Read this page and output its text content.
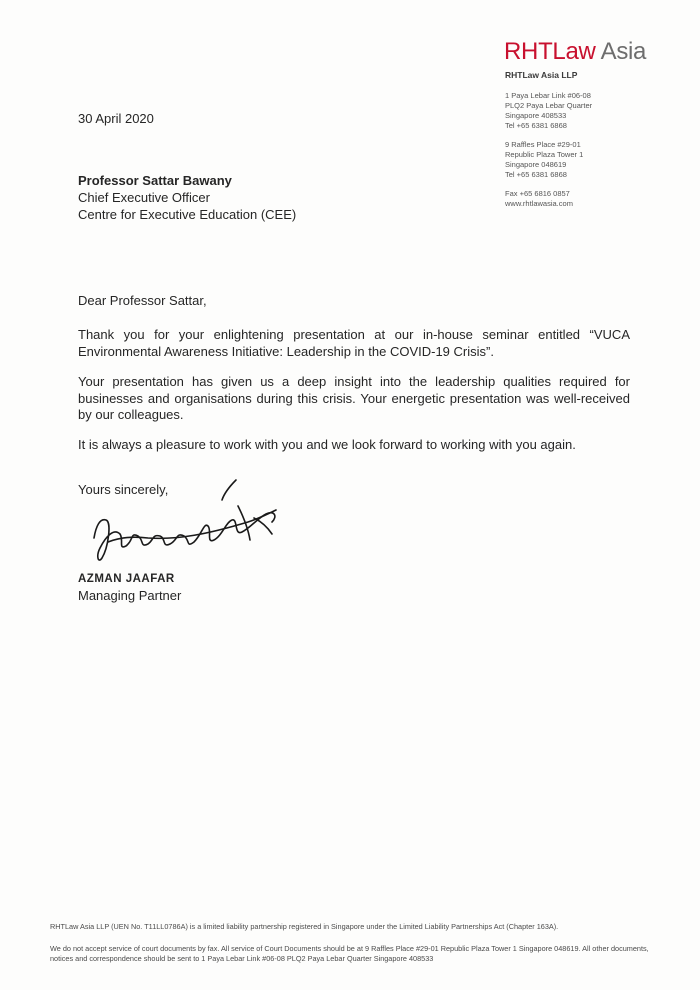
RHTLaw Asia
RHTLaw Asia LLP
1 Paya Lebar Link #06-08
PLQ2 Paya Lebar Quarter
Singapore 408533
Tel +65 6381 6868
9 Raffles Place #29-01
Republic Plaza Tower 1
Singapore 048619
Tel +65 6381 6868
Fax +65 6816 0857
www.rhtlawasia.com
30 April 2020
Professor Sattar Bawany
Chief Executive Officer
Centre for Executive Education (CEE)
Dear Professor Sattar,
Thank you for your enlightening presentation at our in-house seminar entitled “VUCA Environmental Awareness Initiative: Leadership in the COVID-19 Crisis”.
Your presentation has given us a deep insight into the leadership qualities required for businesses and organisations during this crisis. Your energetic presentation was well-received by our colleagues.
It is always a pleasure to work with you and we look forward to working with you again.
Yours sincerely,
AZMAN JAAFAR
Managing Partner
RHTLaw Asia LLP (UEN No. T11LL0786A) is a limited liability partnership registered in Singapore under the Limited Liability Partnerships Act (Chapter 163A).
We do not accept service of court documents by fax. All service of Court Documents should be at 9 Raffles Place #29-01 Republic Plaza Tower 1 Singapore 048619. All other documents, notices and correspondence should be sent to 1 Paya Lebar Link #06-08 PLQ2 Paya Lebar Quarter Singapore 408533
